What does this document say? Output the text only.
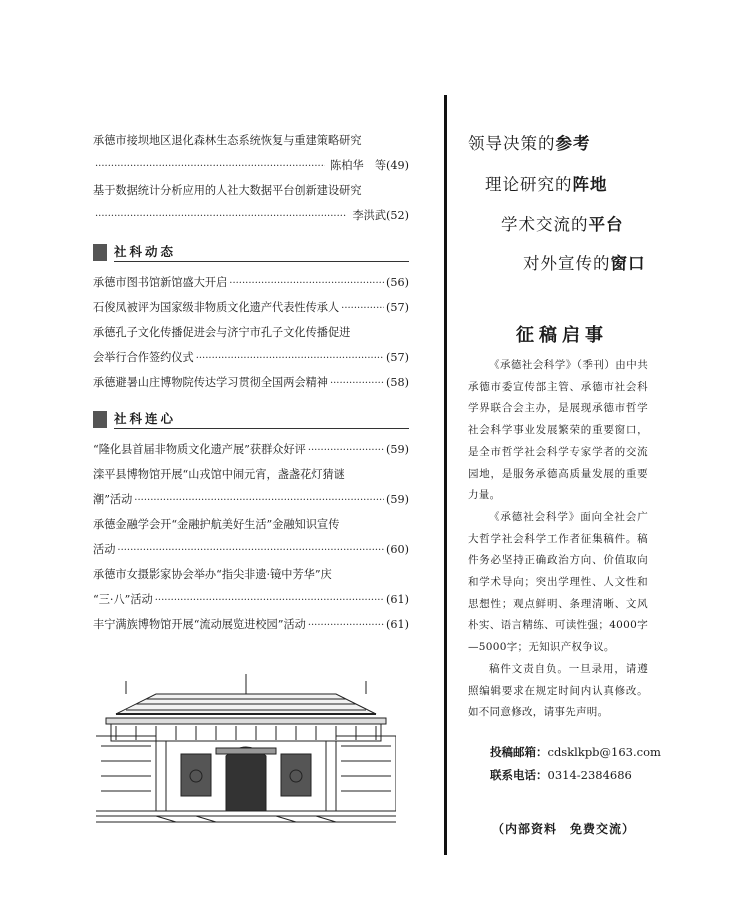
承德市接坝地区退化森林生态系统恢复与重建策略研究
·····
陈柏华　等 (49)
基于数据统计分析应用的人社大数据平台创新建设研究
·····
李洪武 (52)
社科动态
承德市图书馆新馆盛大开启 ·····	(56)
石俊凤被评为国家级非物质文化遗产代表性传承人 ·····	(57)
承德孔子文化传播促进会与济宁市孔子文化传播促进
会举行合作签约仪式 ·····	(57)
承德避暑山庄博物院传达学习贯彻全国两会精神 ·····	(58)
社科连心
“隆化县首届非物质文化遗产展”获群众好评 ·····	(59)
滦平县博物馆开展“山戎馆中闹元宵，盏盏花灯猜谜
潮”活动 ·····	(59)
承德金融学会开“金融护航美好生活”金融知识宣传
活动 ·····	(60)
承德市女摄影家协会举办“指尖非遗·镜中芳华”庆
“三·八”活动 ·····	(61)
丰宁满族博物馆开展“流动展览进校园”活动 ·····	(61)
领导决策的参考
理论研究的阵地
学术交流的平台
对外宣传的窗口
征稿启事

《承德社会科学》（季刊）由中共承德市委宣传部主管、承德市社会科学界联合会主办，是展现承德市哲学社会科学事业发展繁荣的重要窗口，是全市哲学社会科学专家学者的交流园地，是服务承德高质量发展的重要力量。

《承德社会科学》面向全社会广大哲学社会科学工作者征集稿件。稿件务必坚持正确政治方向、价值取向和学术导向；突出学理性、人文性和思想性；观点鲜明、条理清晰、文风朴实、语言精练、可读性强；4000字—5000字；无知识产权争议。

稿件文责自负。一旦录用，请遵照编辑要求在规定时间内认真修改。如不同意修改，请事先声明。

投稿邮箱：cdsklkpb@163.com
联系电话：0314-2384686
（内部资料　免费交流）
